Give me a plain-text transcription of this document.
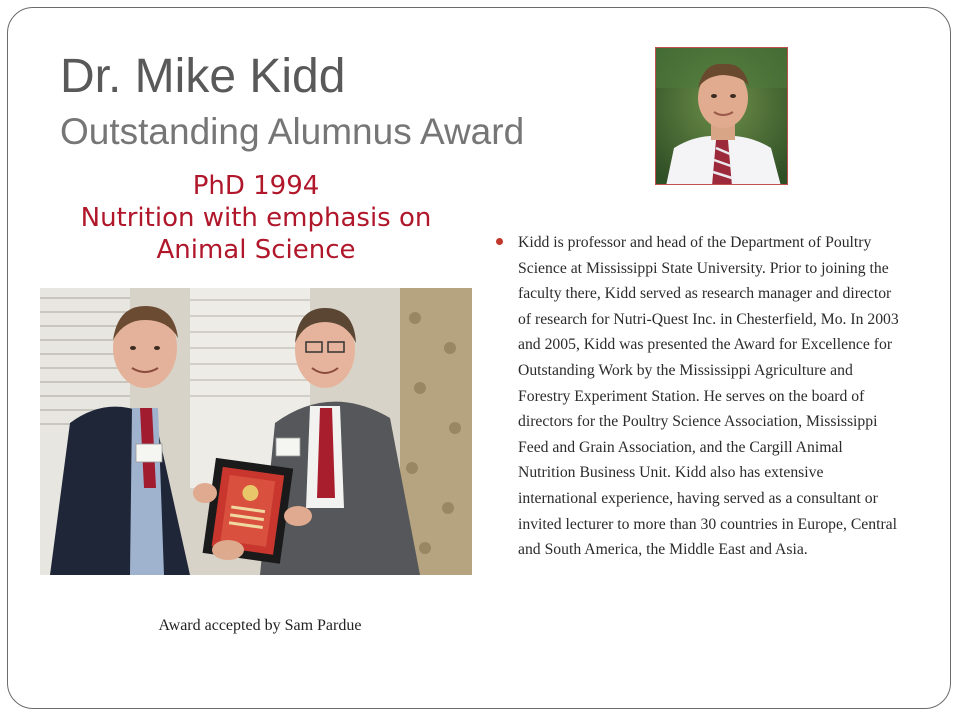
Dr. Mike Kidd
Outstanding Alumnus Award
PhD 1994
Nutrition with emphasis on
Animal Science
Award accepted by Sam Pardue
Kidd is professor and head of the Department of Poultry Science at Mississippi State University. Prior to joining the faculty there, Kidd served as research manager and director of research for Nutri-Quest Inc. in Chesterfield, Mo. In 2003 and 2005, Kidd was presented the Award for Excellence for Outstanding Work by the Mississippi Agriculture and Forestry Experiment Station. He serves on the board of directors for the Poultry Science Association, Mississippi Feed and Grain Association, and the Cargill Animal Nutrition Business Unit. Kidd also has extensive international experience, having served as a consultant or invited lecturer to more than 30 countries in Europe, Central and South America, the Middle East and Asia.
